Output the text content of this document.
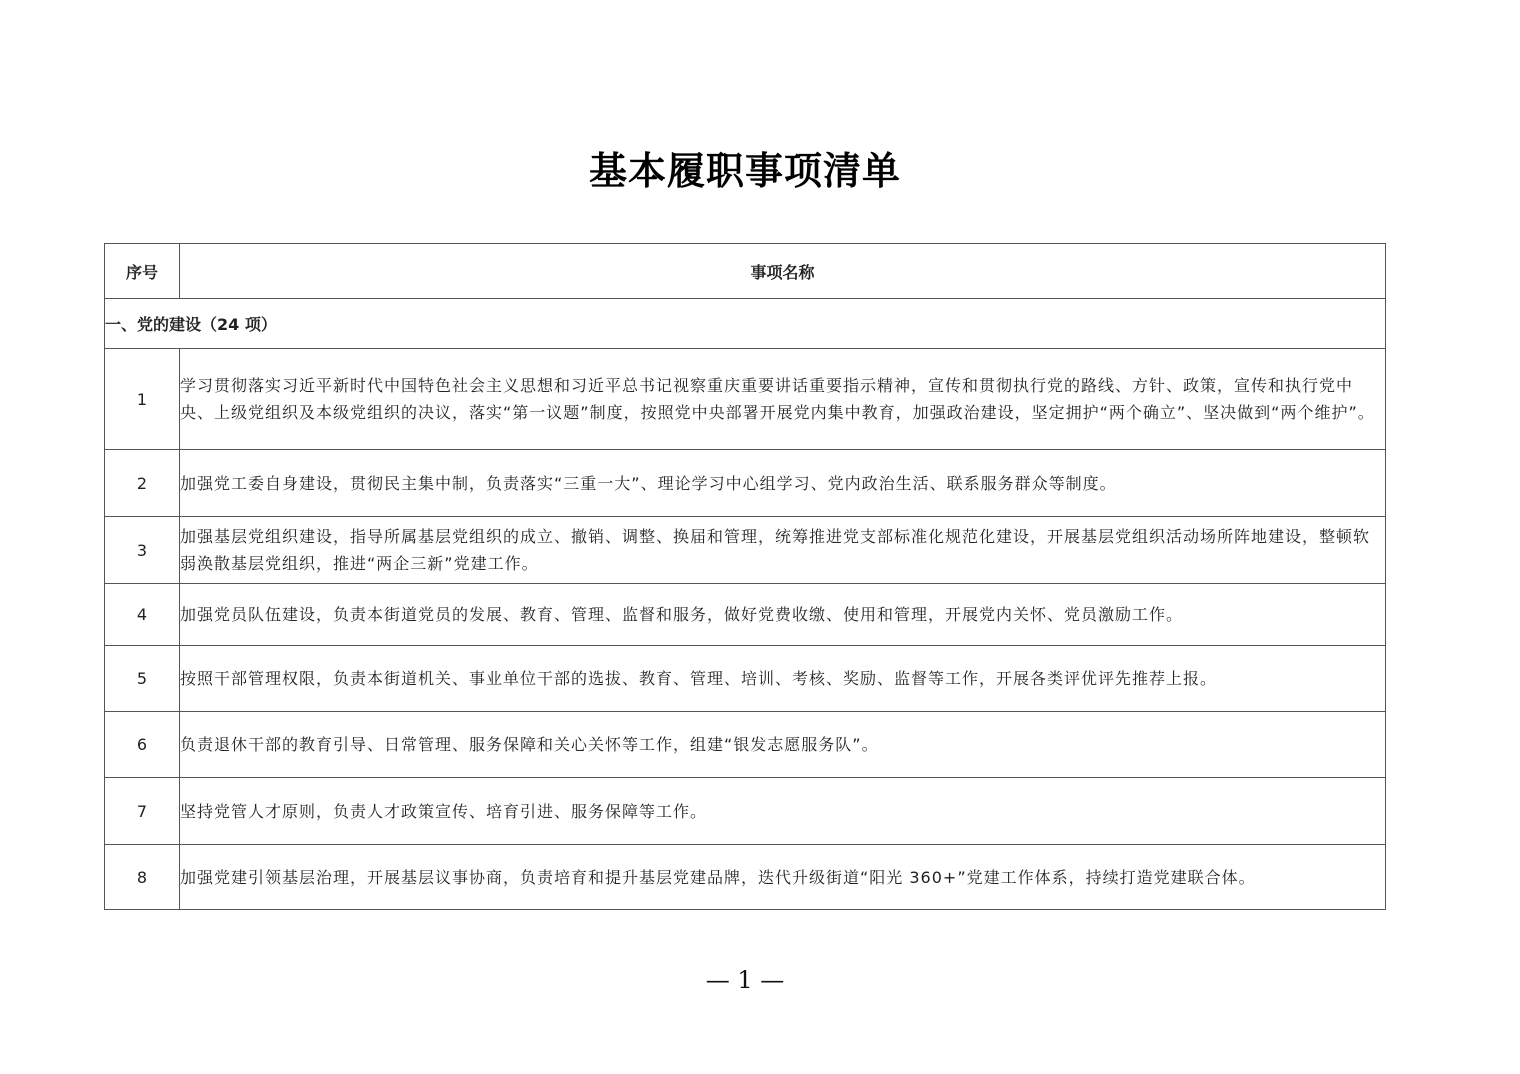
基本履职事项清单
序号	事项名称
一、党的建设（24 项）	
1	学习贯彻落实习近平新时代中国特色社会主义思想和习近平总书记视察重庆重要讲话重要指示精神，宣传和贯彻执行党的路线、方针、政策，宣传和执行党中央、上级党组织及本级党组织的决议，落实“第一议题”制度，按照党中央部署开展党内集中教育，加强政治建设，坚定拥护“两个确立”、坚决做到“两个维护”。
2	加强党工委自身建设，贯彻民主集中制，负责落实“三重一大”、理论学习中心组学习、党内政治生活、联系服务群众等制度。
3	加强基层党组织建设，指导所属基层党组织的成立、撤销、调整、换届和管理，统筹推进党支部标准化规范化建设，开展基层党组织活动场所阵地建设，整顿软弱涣散基层党组织，推进“两企三新”党建工作。
4	加强党员队伍建设，负责本街道党员的发展、教育、管理、监督和服务，做好党费收缴、使用和管理，开展党内关怀、党员激励工作。
5	按照干部管理权限，负责本街道机关、事业单位干部的选拔、教育、管理、培训、考核、奖励、监督等工作，开展各类评优评先推荐上报。
6	负责退休干部的教育引导、日常管理、服务保障和关心关怀等工作，组建“银发志愿服务队”。
7	坚持党管人才原则，负责人才政策宣传、培育引进、服务保障等工作。
8	加强党建引领基层治理，开展基层议事协商，负责培育和提升基层党建品牌，迭代升级街道“阳光 360+”党建工作体系，持续打造党建联合体。
— 1 —
